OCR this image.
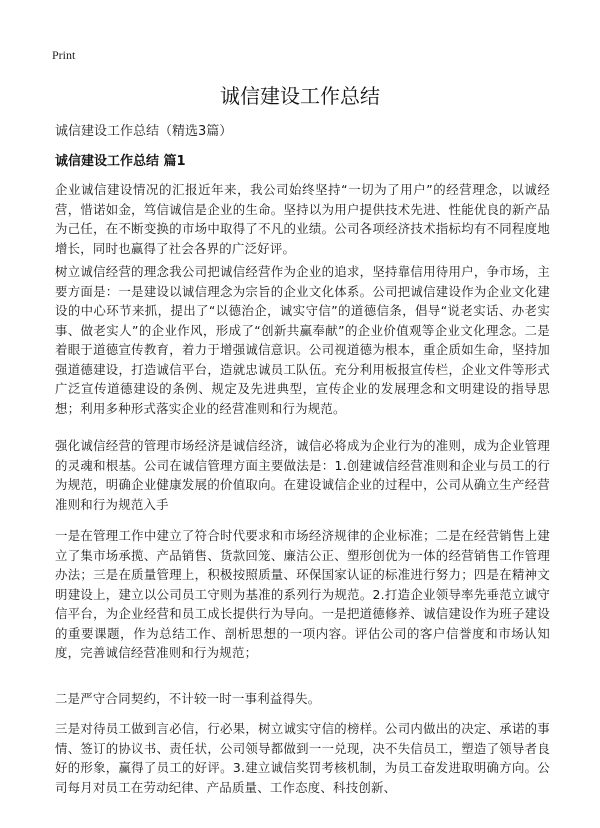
Print
诚信建设工作总结

诚信建设工作总结（精选3篇）

诚信建设工作总结 篇1

企业诚信建设情况的汇报近年来，我公司始终坚持“一切为了用户”的经营理念，以诚经营，惜诺如金，笃信诚信是企业的生命。坚持以为用户提供技术先进、性能优良的新产品为己任，在不断变换的市场中取得了不凡的业绩。公司各项经济技术指标均有不同程度地增长，同时也赢得了社会各界的广泛好评。

树立诚信经营的理念我公司把诚信经营作为企业的追求，坚持靠信用待用户，争市场，主要方面是：一是建设以诚信理念为宗旨的企业文化体系。公司把诚信建设作为企业文化建设的中心环节来抓，提出了“以德治企，诚实守信”的道德信条，倡导“说老实话、办老实事、做老实人”的企业作风，形成了“创新共赢奉献”的企业价值观等企业文化理念。二是着眼于道德宣传教育，着力于增强诚信意识。公司视道德为根本，重企质如生命，坚持加强道德建设，打造诚信平台，造就忠诚员工队伍。充分利用板报宣传栏，企业文件等形式广泛宣传道德建设的条例、规定及先进典型，宣传企业的发展理念和文明建设的指导思想；利用多种形式落实企业的经营准则和行为规范。

强化诚信经营的管理市场经济是诚信经济，诚信必将成为企业行为的准则，成为企业管理的灵魂和根基。公司在诚信管理方面主要做法是：1.创建诚信经营准则和企业与员工的行为规范，明确企业健康发展的价值取向。在建设诚信企业的过程中，公司从确立生产经营准则和行为规范入手

一是在管理工作中建立了符合时代要求和市场经济规律的企业标准；二是在经营销售上建立了集市场承揽、产品销售、货款回笼、廉洁公正、塑形创优为一体的经营销售工作管理办法；三是在质量管理上，积极按照质量、环保国家认证的标准进行努力；四是在精神文明建设上，建立以公司员工守则为基准的系列行为规范。2.打造企业领导率先垂范立诚守信平台，为企业经营和员工成长提供行为导向。一是把道德修养、诚信建设作为班子建设的重要课题，作为总结工作、剖析思想的一项内容。评估公司的客户信誉度和市场认知度，完善诚信经营准则和行为规范；

二是严守合同契约，不计较一时一事利益得失。

三是对待员工做到言必信，行必果，树立诚实守信的榜样。公司内做出的决定、承诺的事情、签订的协议书、责任状，公司领导都做到一一兑现，决不失信员工，塑造了领导者良好的形象，赢得了员工的好评。3.建立诚信奖罚考核机制，为员工奋发进取明确方向。公司每月对员工在劳动纪律、产品质量、工作态度、科技创新、
